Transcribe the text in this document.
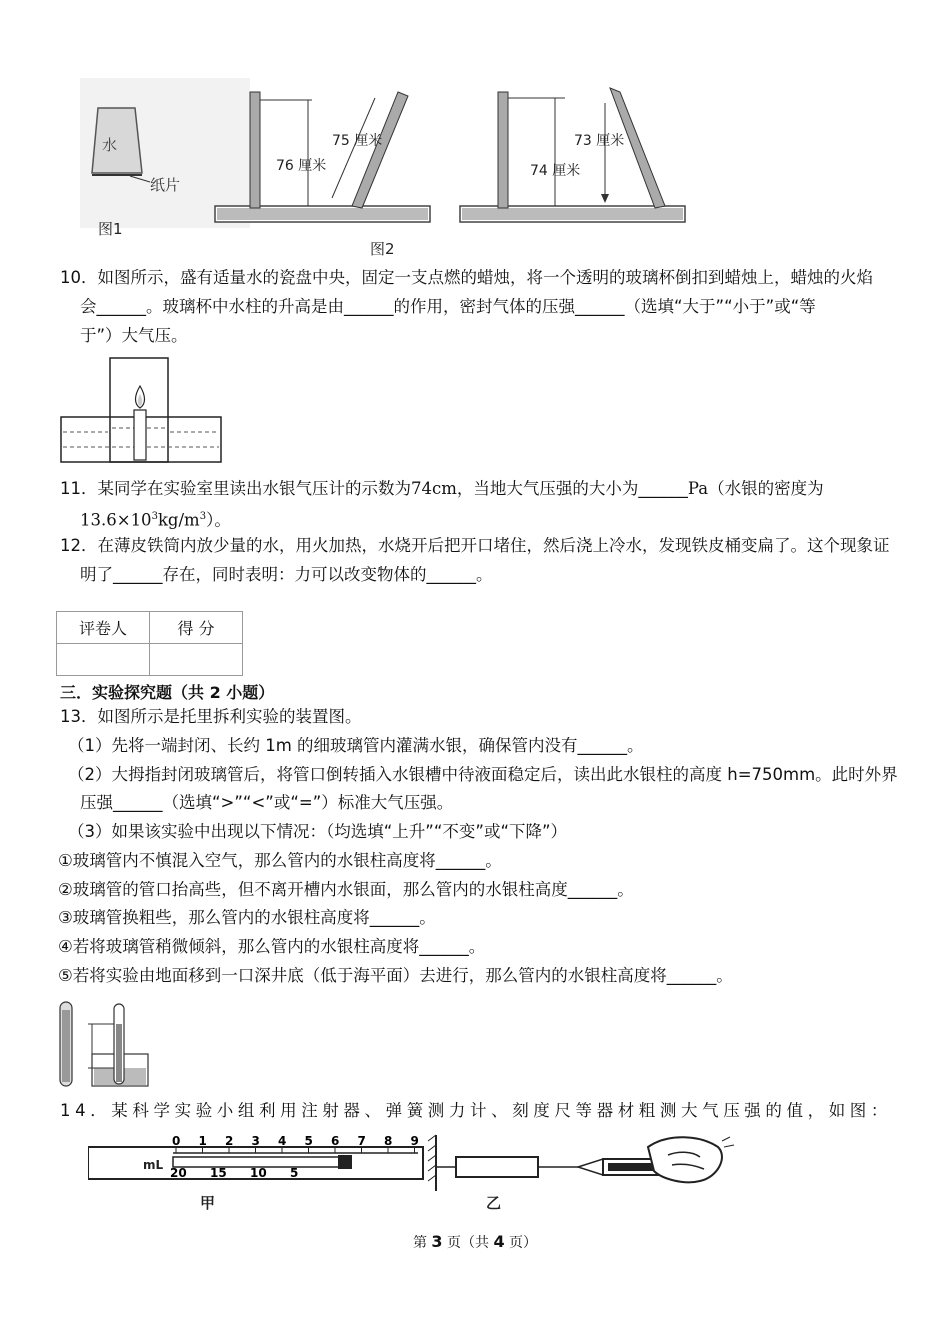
水
纸片
图1
76 厘米
75 厘米
74 厘米
73 厘米
图2
10．如图所示，盛有适量水的瓷盘中央，固定一支点燃的蜡烛，将一个透明的玻璃杯倒扣到蜡烛上，蜡烛的火焰
会______。玻璃杯中水柱的升高是由______的作用，密封气体的压强______（选填“大于”“小于”或“等
于”）大气压。
11．某同学在实验室里读出水银气压计的示数为74cm，当地大气压强的大小为______Pa（水银的密度为
$13.6\times 10^3kg/m^3$）。
12．在薄皮铁筒内放少量的水，用火加热，水烧开后把开口堵住，然后浇上冷水，发现铁皮桶变扁了。这个现象证
明了______存在，同时表明：力可以改变物体的______。
评卷人	得 分

三．实验探究题（共 2 小题）
13．如图所示是托里拆利实验的装置图。
（1）先将一端封闭、长约 1m 的细玻璃管内灌满水银，确保管内没有______。
（2）大拇指封闭玻璃管后，将管口倒转插入水银槽中待液面稳定后，读出此水银柱的高度 h=750mm。此时外界
压强______（选填“>”“<”或“=”）标准大气压强。
（3）如果该实验中出现以下情况：（均选填“上升”“不变”或“下降”）
①玻璃管内不慎混入空气，那么管内的水银柱高度将______。
②玻璃管的管口抬高些，但不离开槽内水银面，那么管内的水银柱高度______。
③玻璃管换粗些，那么管内的水银柱高度将______。
④若将玻璃管稍微倾斜，那么管内的水银柱高度将______。
⑤若将实验由地面移到一口深井底（低于海平面）去进行，那么管内的水银柱高度将______。
14．某科学实验小组利用注射器、弹簧测力计、刻度尺等器材粗测大气压强的值，如图：
0 1 2 3 4 5 6 7 8 9
20 15 10 5
mL
甲	乙
第 3 页（共 4 页）
